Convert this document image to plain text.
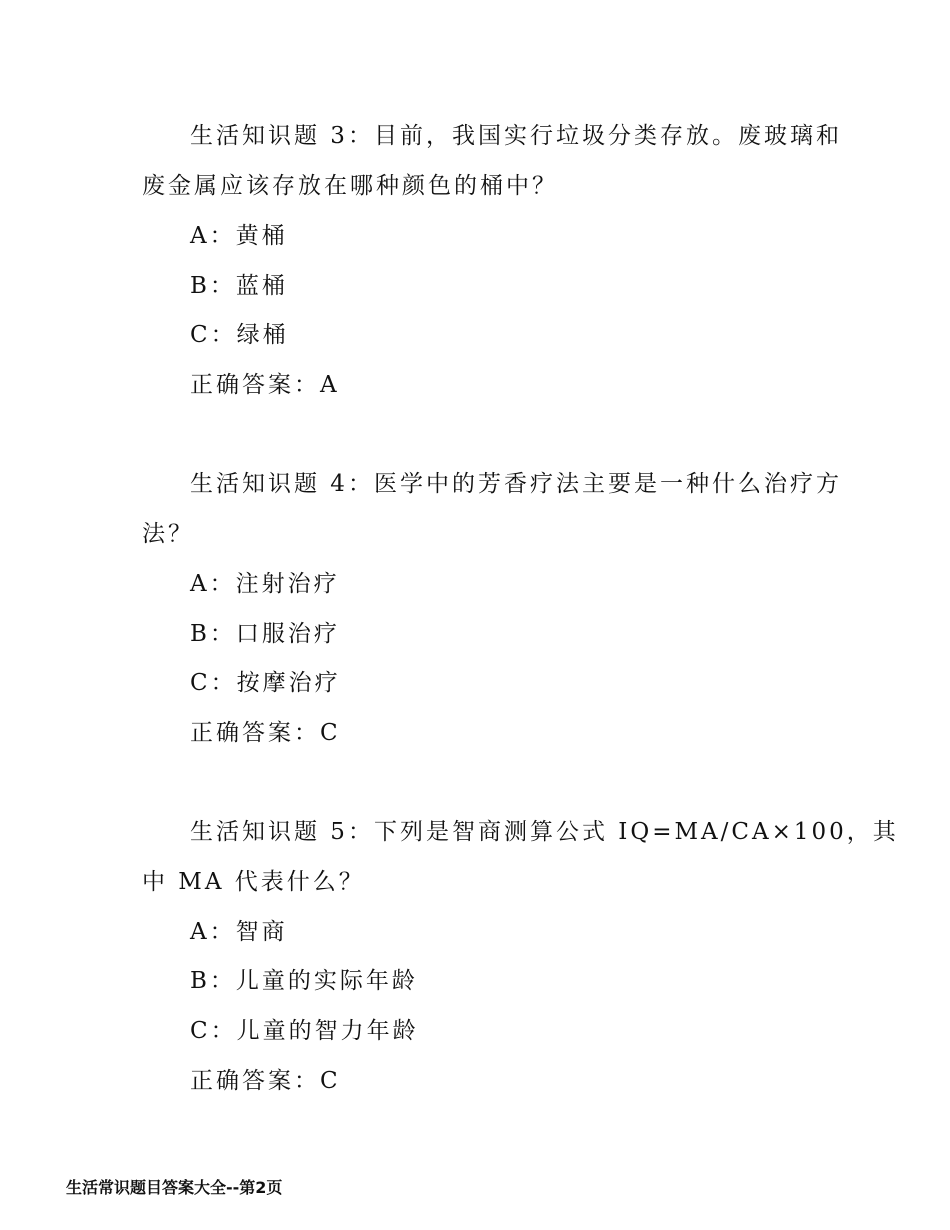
生活知识题 3：目前，我国实行垃圾分类存放。废玻璃和
废金属应该存放在哪种颜色的桶中？
A：黄桶
B：蓝桶
C：绿桶
正确答案：A
生活知识题 4：医学中的芳香疗法主要是一种什么治疗方
法？
A：注射治疗
B：口服治疗
C：按摩治疗
正确答案：C
生活知识题 5：下列是智商测算公式 IQ=MA/CA×100，其
中 MA 代表什么？
A：智商
B：儿童的实际年龄
C：儿童的智力年龄
正确答案：C
生活常识题目答案大全--第2页
